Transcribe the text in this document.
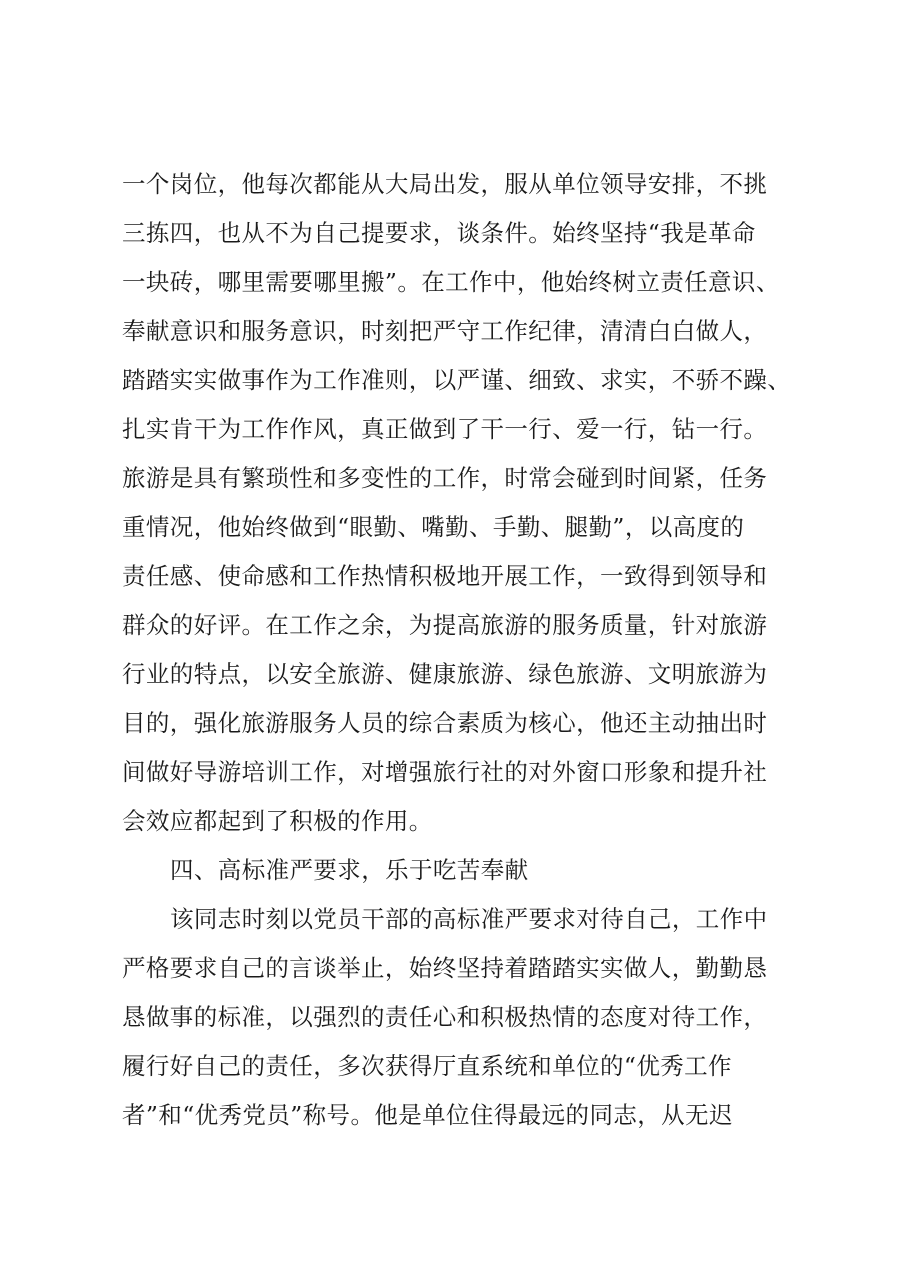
一个岗位，他每次都能从大局出发，服从单位领导安排，不挑
三拣四，也从不为自己提要求，谈条件。始终坚持“我是革命
一块砖，哪里需要哪里搬”。在工作中，他始终树立责任意识、
奉献意识和服务意识，时刻把严守工作纪律，清清白白做人，
踏踏实实做事作为工作准则，以严谨、细致、求实，不骄不躁、
扎实肯干为工作作风，真正做到了干一行、爱一行，钻一行。
旅游是具有繁琐性和多变性的工作，时常会碰到时间紧，任务
重情况，他始终做到“眼勤、嘴勤、手勤、腿勤”，以高度的
责任感、使命感和工作热情积极地开展工作，一致得到领导和
群众的好评。在工作之余，为提高旅游的服务质量，针对旅游
行业的特点，以安全旅游、健康旅游、绿色旅游、文明旅游为
目的，强化旅游服务人员的综合素质为核心，他还主动抽出时
间做好导游培训工作，对增强旅行社的对外窗口形象和提升社
会效应都起到了积极的作用。
四、高标准严要求，乐于吃苦奉献
该同志时刻以党员干部的高标准严要求对待自己，工作中
严格要求自己的言谈举止，始终坚持着踏踏实实做人，勤勤恳
恳做事的标准，以强烈的责任心和积极热情的态度对待工作，
履行好自己的责任，多次获得厅直系统和单位的“优秀工作
者”和“优秀党员”称号。他是单位住得最远的同志，从无迟
